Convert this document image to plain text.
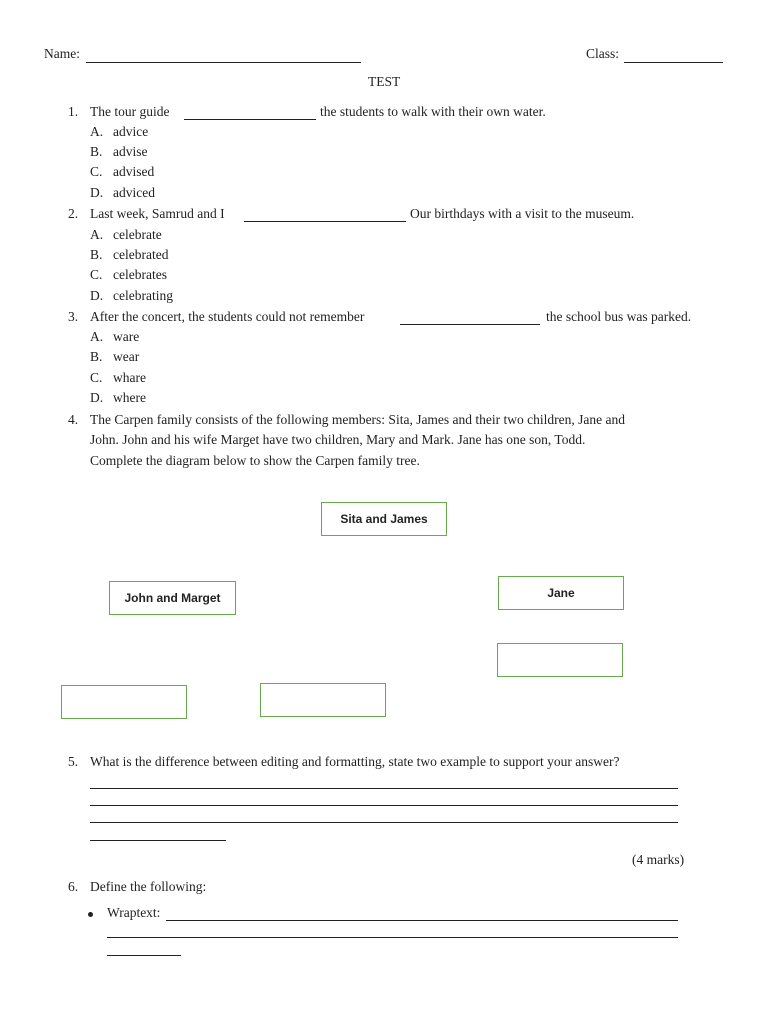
Name:	Class:
TEST
1. The tour guide	the students to walk with their own water.
A. advice
B. advise
C. advised
D. adviced
2. Last week, Samrud and I	Our birthdays with a visit to the museum.
A. celebrate
B. celebrated
C. celebrates
D. celebrating
3. After the concert, the students could not remember	the school bus was parked.
A. ware
B. wear
C. whare
D. where
4. The Carpen family consists of the following members: Sita, James and their two children, Jane and
John. John and his wife Marget have two children, Mary and Mark. Jane has one son, Todd.
Complete the diagram below to show the Carpen family tree.
Sita and James
John and Marget	Jane
5. What is the difference between editing and formatting, state two example to support your answer?
(4 marks)
6. Define the following:
Wraptext:
